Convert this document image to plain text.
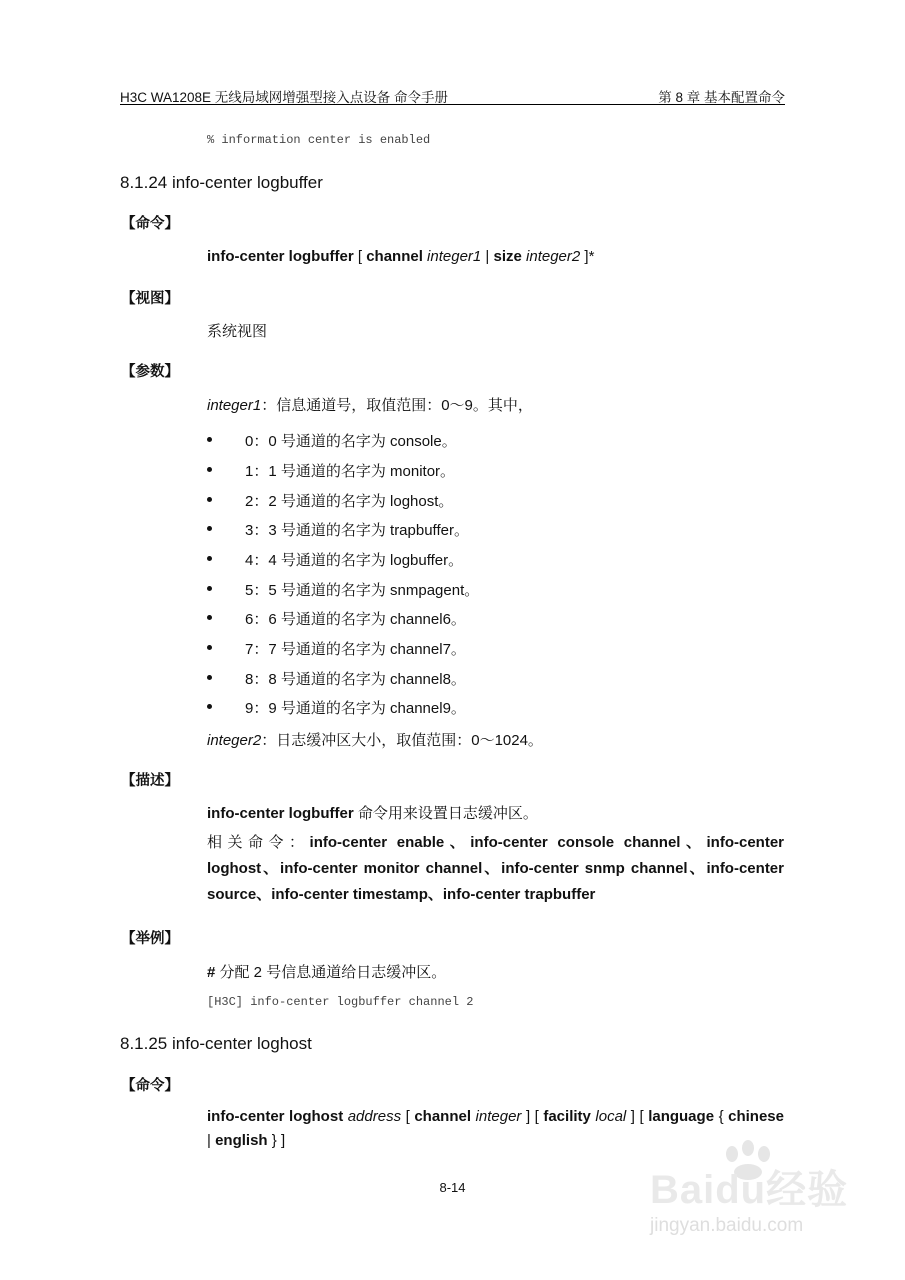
H3C WA1208E 无线局域网增强型接入点设备 命令手册	第 8 章 基本配置命令
% information center is enabled
8.1.24 info-center logbuffer
【命令】
info-center logbuffer [ channel integer1 | size integer2 ]*
【视图】
系统视图
【参数】
integer1：信息通道号，取值范围：0～9。其中，
0：0 号通道的名字为 console。
1：1 号通道的名字为 monitor。
2：2 号通道的名字为 loghost。
3：3 号通道的名字为 trapbuffer。
4：4 号通道的名字为 logbuffer。
5：5 号通道的名字为 snmpagent。
6：6 号通道的名字为 channel6。
7：7 号通道的名字为 channel7。
8：8 号通道的名字为 channel8。
9：9 号通道的名字为 channel9。
integer2：日志缓冲区大小，取值范围：0～1024。
【描述】
info-center logbuffer 命令用来设置日志缓冲区。
相关命令：info-center enable、info-center console channel、info-center loghost、info-center monitor channel、info-center snmp channel、info-center source、info-center timestamp、info-center trapbuffer
【举例】
# 分配 2 号信息通道给日志缓冲区。
[H3C] info-center logbuffer channel 2
8.1.25 info-center loghost
【命令】
info-center loghost address [ channel integer ] [ facility local ] [ language { chinese | english } ]
8-14	Baidu经验
jingyan.baidu.com
